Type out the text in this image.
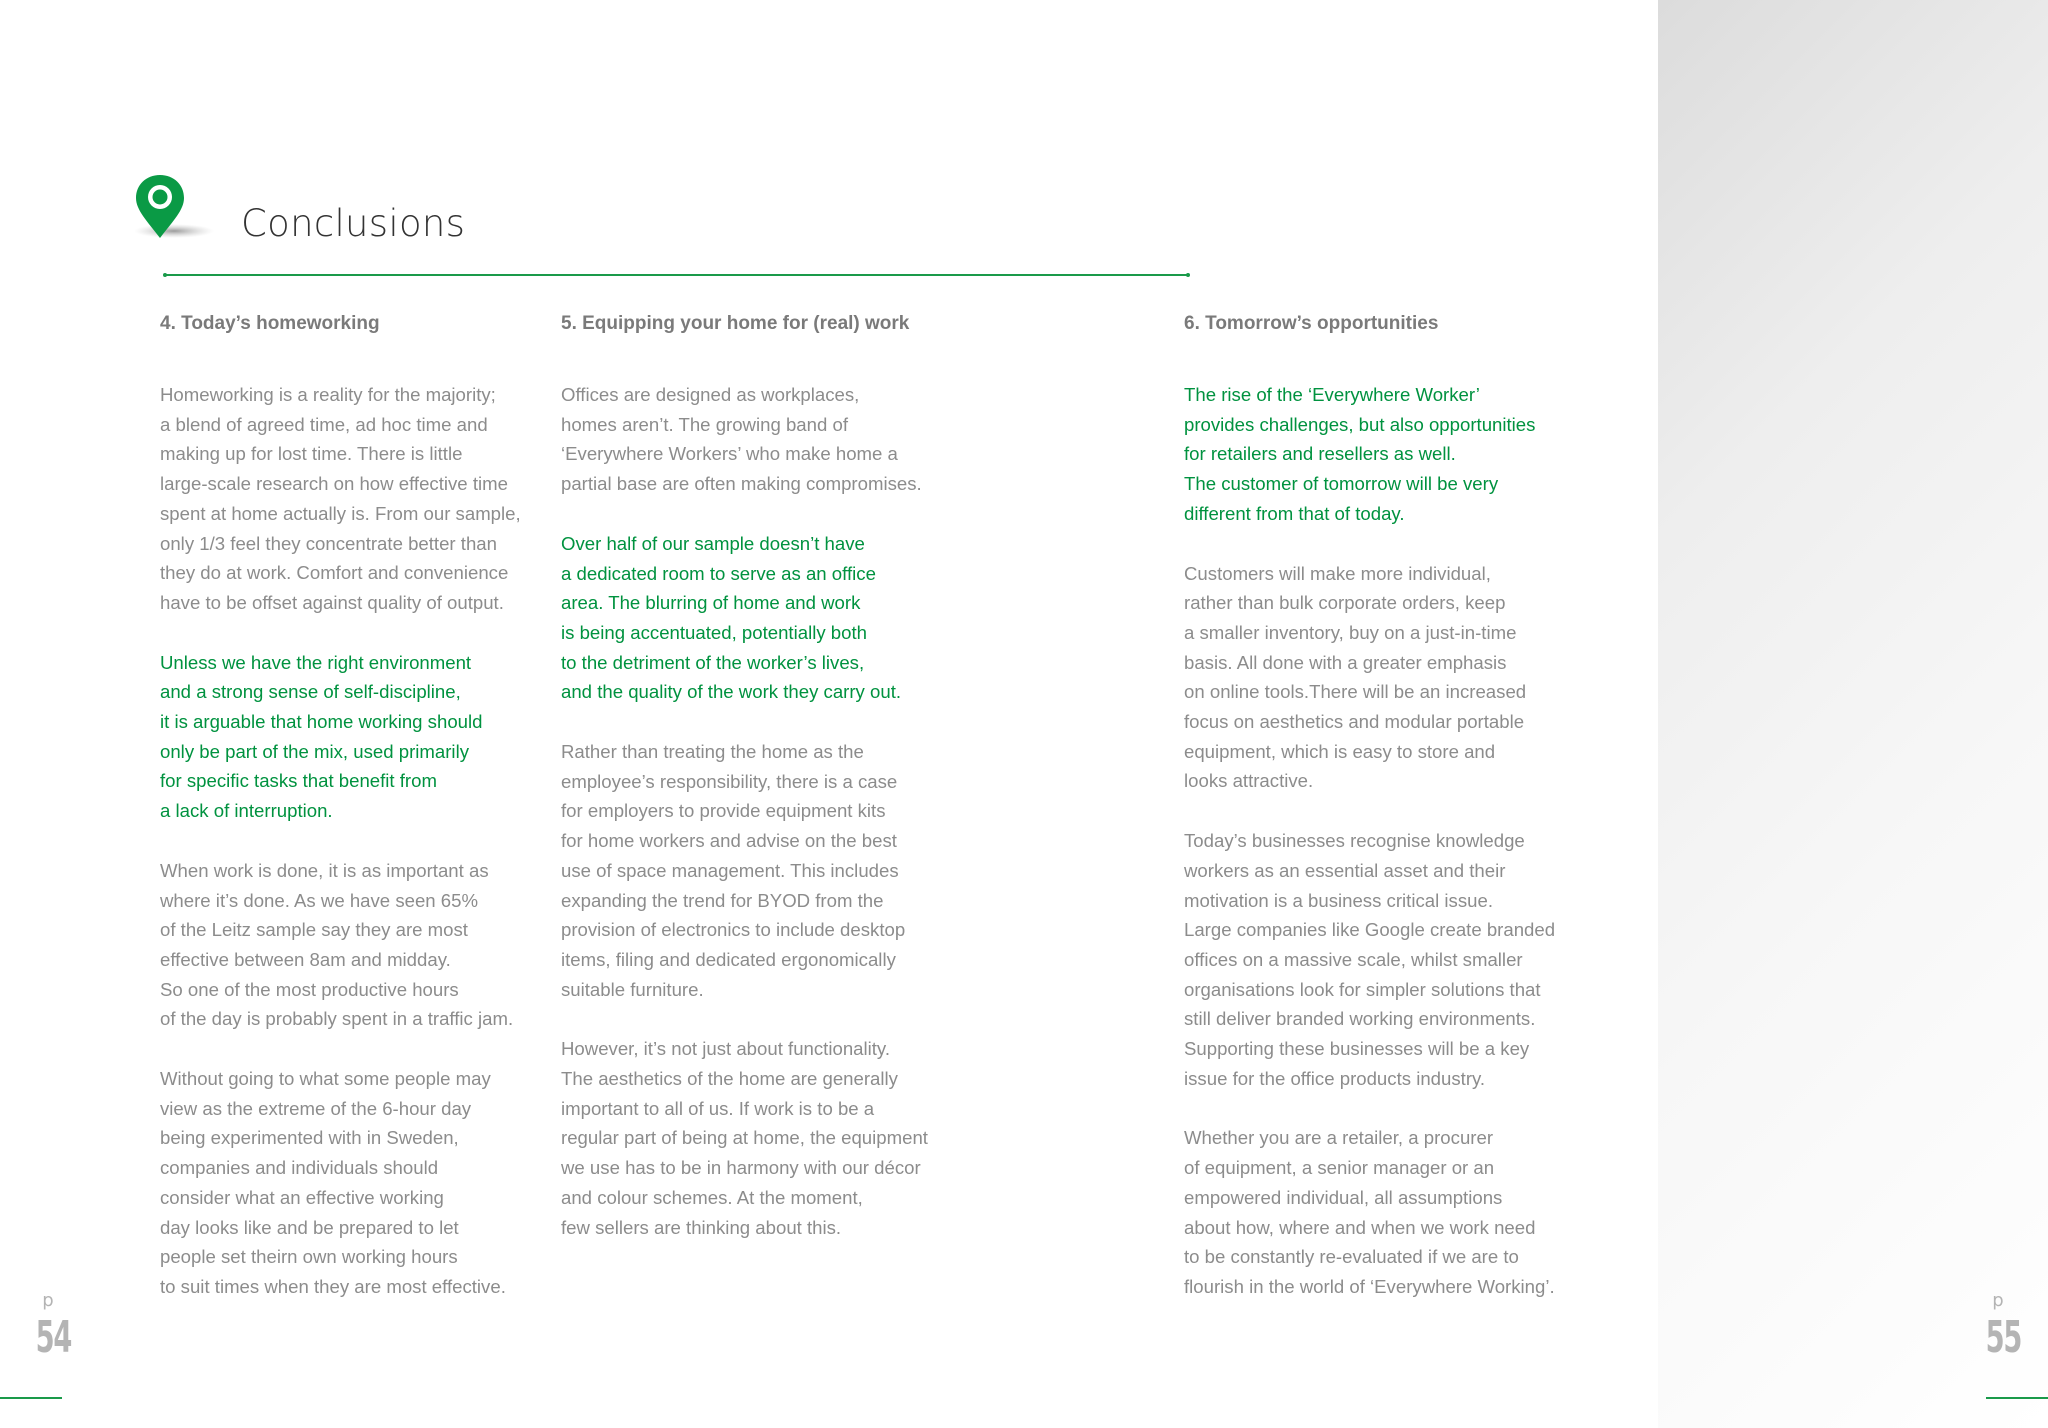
Conclusions
4. Today’s homeworking

Homeworking is a reality for the majority;
a blend of agreed time, ad hoc time and
making up for lost time. There is little
large-scale research on how effective time
spent at home actually is. From our sample,
only 1/3 feel they concentrate better than
they do at work. Comfort and convenience
have to be offset against quality of output.

Unless we have the right environment
and a strong sense of self-discipline,
it is arguable that home working should
only be part of the mix, used primarily
for specific tasks that benefit from
a lack of interruption.

When work is done, it is as important as
where it’s done. As we have seen 65%
of the Leitz sample say they are most
effective between 8am and midday.
So one of the most productive hours
of the day is probably spent in a traffic jam.

Without going to what some people may
view as the extreme of the 6-hour day
being experimented with in Sweden,
companies and individuals should
consider what an effective working
day looks like and be prepared to let
people set theirn own working hours
to suit times when they are most effective.

5. Equipping your home for (real) work

Offices are designed as workplaces,
homes aren’t. The growing band of
‘Everywhere Workers’ who make home a
partial base are often making compromises.

Over half of our sample doesn’t have
a dedicated room to serve as an office
area. The blurring of home and work
is being accentuated, potentially both
to the detriment of the worker’s lives,
and the quality of the work they carry out.

Rather than treating the home as the
employee’s responsibility, there is a case
for employers to provide equipment kits
for home workers and advise on the best
use of space management. This includes
expanding the trend for BYOD from the
provision of electronics to include desktop
items, filing and dedicated ergonomically
suitable furniture.

However, it’s not just about functionality.
The aesthetics of the home are generally
important to all of us. If work is to be a
regular part of being at home, the equipment
we use has to be in harmony with our décor
and colour schemes. At the moment,
few sellers are thinking about this.

6. Tomorrow’s opportunities

The rise of the ‘Everywhere Worker’
provides challenges, but also opportunities
for retailers and resellers as well.
The customer of tomorrow will be very
different from that of today.

Customers will make more individual,
rather than bulk corporate orders, keep
a smaller inventory, buy on a just-in-time
basis. All done with a greater emphasis
on online tools.There will be an increased
focus on aesthetics and modular portable
equipment, which is easy to store and
looks attractive.

Today’s businesses recognise knowledge
workers as an essential asset and their
motivation is a business critical issue.
Large companies like Google create branded
offices on a massive scale, whilst smaller
organisations look for simpler solutions that
still deliver branded working environments.
Supporting these businesses will be a key
issue for the office products industry.

Whether you are a retailer, a procurer
of equipment, a senior manager or an
empowered individual, all assumptions
about how, where and when we work need
to be constantly re-evaluated if we are to
flourish in the world of ‘Everywhere Working’.

p
54
p
55
